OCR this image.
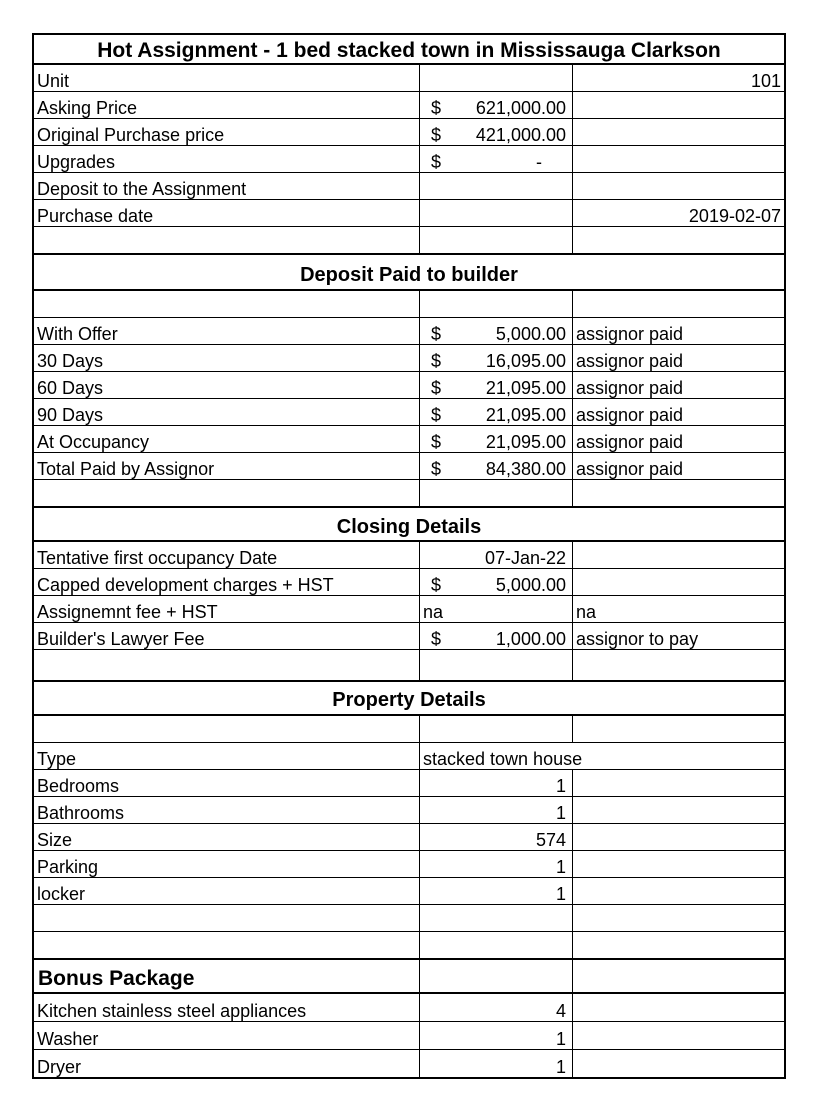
Hot Assignment - 1 bed stacked town in Mississauga Clarkson
Unit	101
Asking Price	$ 621,000.00
Original Purchase price	$ 421,000.00
Upgrades	$	-
Deposit to the Assignment
Purchase date	2019-02-07
Deposit Paid to builder
With Offer	$	5,000.00 assignor paid
30 Days	$ 16,095.00 assignor paid
60 Days	$ 21,095.00 assignor paid
90 Days	$ 21,095.00 assignor paid
At Occupancy	$ 21,095.00 assignor paid
Total Paid by Assignor	$ 84,380.00 assignor paid
Closing Details
Tentative first occupancy Date	07-Jan-22
Capped development charges + HST	$	5,000.00
Assignemnt fee + HST	na	na
Builder's Lawyer Fee	$	1,000.00 assignor to pay
Property Details
Type	stacked town house
Bedrooms	1
Bathrooms	1
Size	574
Parking	1
locker	1
Bonus Package
Kitchen stainless steel appliances	4
Washer	1
Dryer	1
